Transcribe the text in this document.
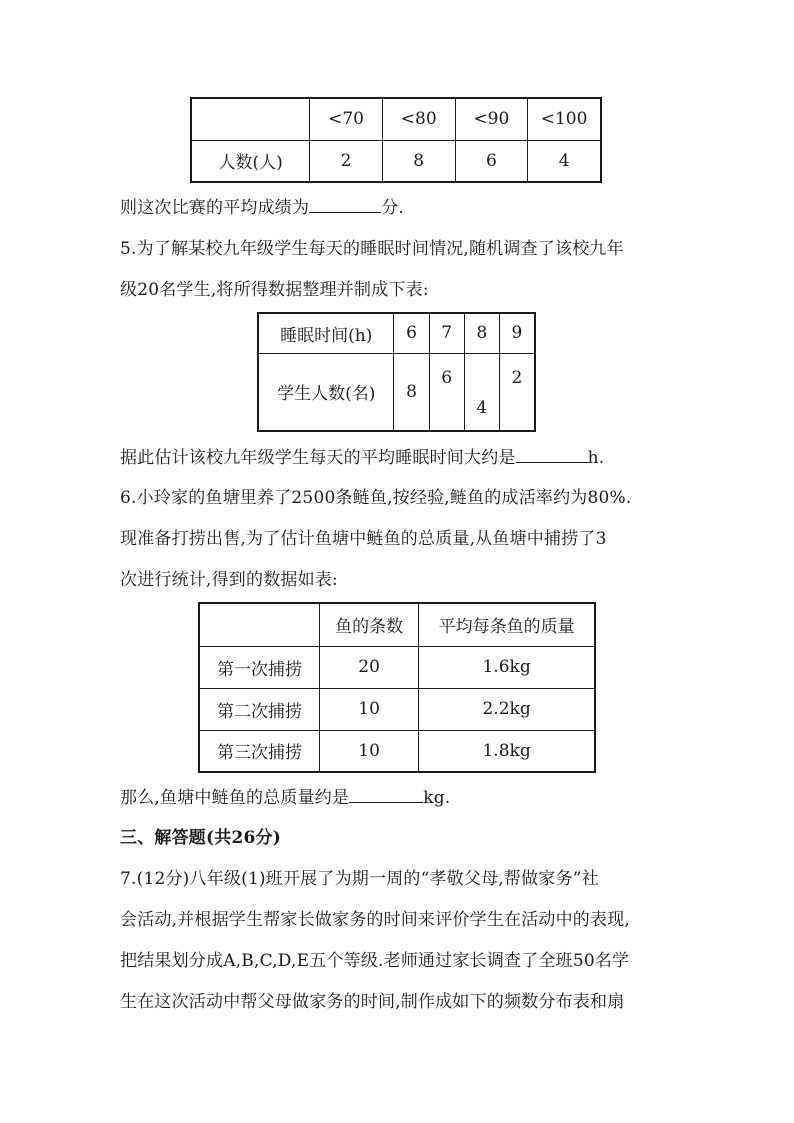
	<70	<80	<90	<100
人数(人)	2	8	6	4
则这次比赛的平均成绩为	分.
5.为了解某校九年级学生每天的睡眠时间情况,随机调查了该校九年
级20名学生,将所得数据整理并制成下表:
睡眠时间(h)	6	7	8	9
学生人数(名)	8	6	4	2
据此估计该校九年级学生每天的平均睡眠时间大约是	h.
6.小玲家的鱼塘里养了2500条鲢鱼,按经验,鲢鱼的成活率约为80%.
现准备打捞出售,为了估计鱼塘中鲢鱼的总质量,从鱼塘中捕捞了3
次进行统计,得到的数据如表:
	鱼的条数	平均每条鱼的质量
第一次捕捞	20	1.6kg
第二次捕捞	10	2.2kg
第三次捕捞	10	1.8kg
那么,鱼塘中鲢鱼的总质量约是	kg.
三、解答题(共26分)
7.(12分)八年级(1)班开展了为期一周的“孝敬父母,帮做家务”社
会活动,并根据学生帮家长做家务的时间来评价学生在活动中的表现,
把结果划分成A,B,C,D,E五个等级.老师通过家长调查了全班50名学
生在这次活动中帮父母做家务的时间,制作成如下的频数分布表和扇
